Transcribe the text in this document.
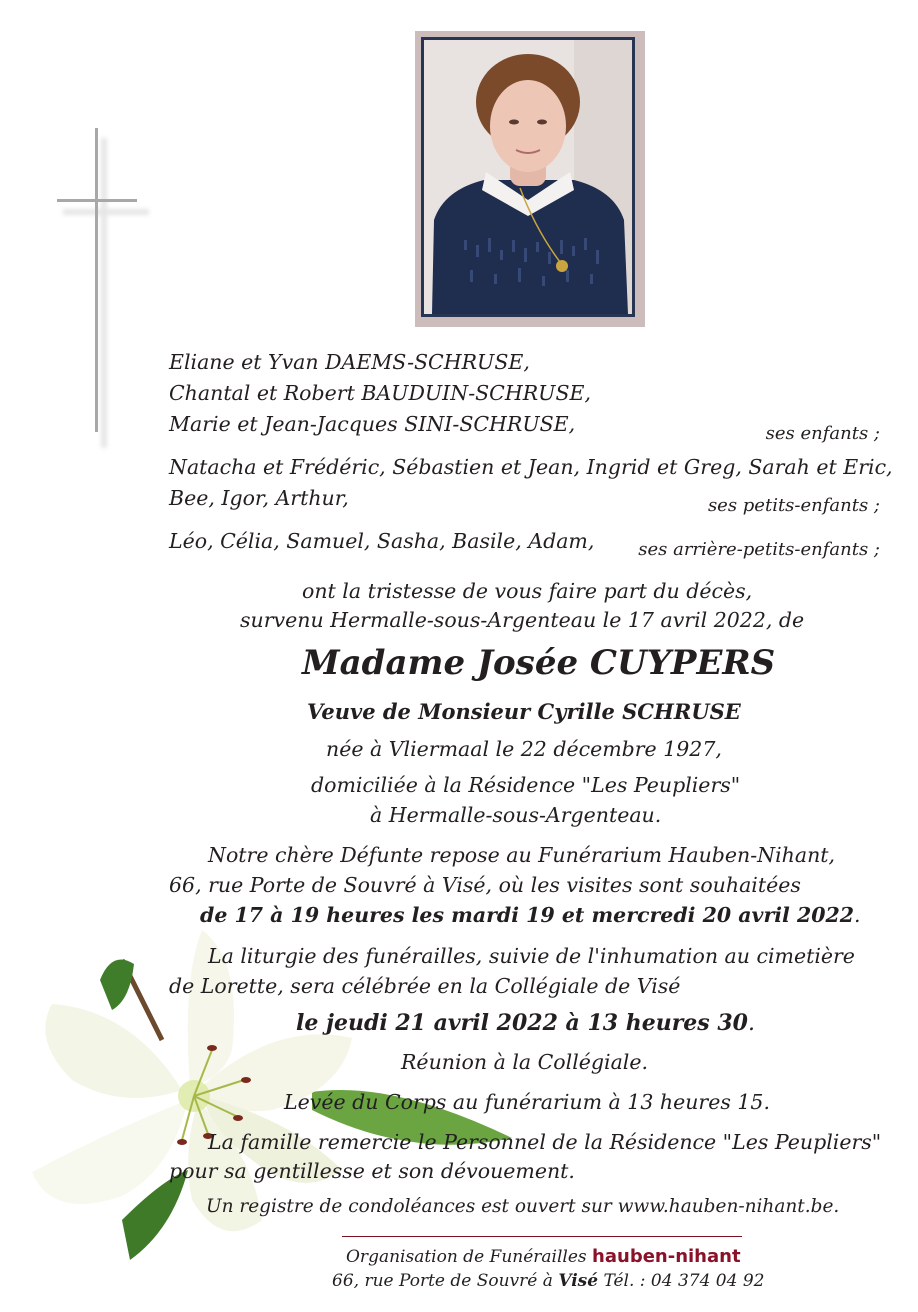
Eliane et Yvan DAEMS-SCHRUSE,
Chantal et Robert BAUDUIN-SCHRUSE,
Marie et Jean-Jacques SINI-SCHRUSE,	ses enfants ;
Natacha et Frédéric, Sébastien et Jean, Ingrid et Greg, Sarah et Eric,
Bee, Igor, Arthur,	ses petits-enfants ;
Léo, Célia, Samuel, Sasha, Basile, Adam, ses arrière-petits-enfants ;
ont la tristesse de vous faire part du décès,
survenu Hermalle-sous-Argenteau le 17 avril 2022, de
Madame Josée CUYPERS
Veuve de Monsieur Cyrille SCHRUSE
née à Vliermaal le 22 décembre 1927,
domiciliée à la Résidence "Les Peupliers"
à Hermalle-sous-Argenteau.
Notre chère Défunte repose au Funérarium Hauben-Nihant,
66, rue Porte de Souvré à Visé, où les visites sont souhaitées
de 17 à 19 heures les mardi 19 et mercredi 20 avril 2022.
La liturgie des funérailles, suivie de l'inhumation au cimetière
de Lorette, sera célébrée en la Collégiale de Visé
le jeudi 21 avril 2022 à 13 heures 30.
Réunion à la Collégiale.
Levée du Corps au funérarium à 13 heures 15.
La famille remercie le Personnel de la Résidence "Les Peupliers"
pour sa gentillesse et son dévouement.
Un registre de condoléances est ouvert sur www.hauben-nihant.be.
Organisation de Funérailles hauben-nihant
66, rue Porte de Souvré à Visé Tél. : 04 374 04 92
